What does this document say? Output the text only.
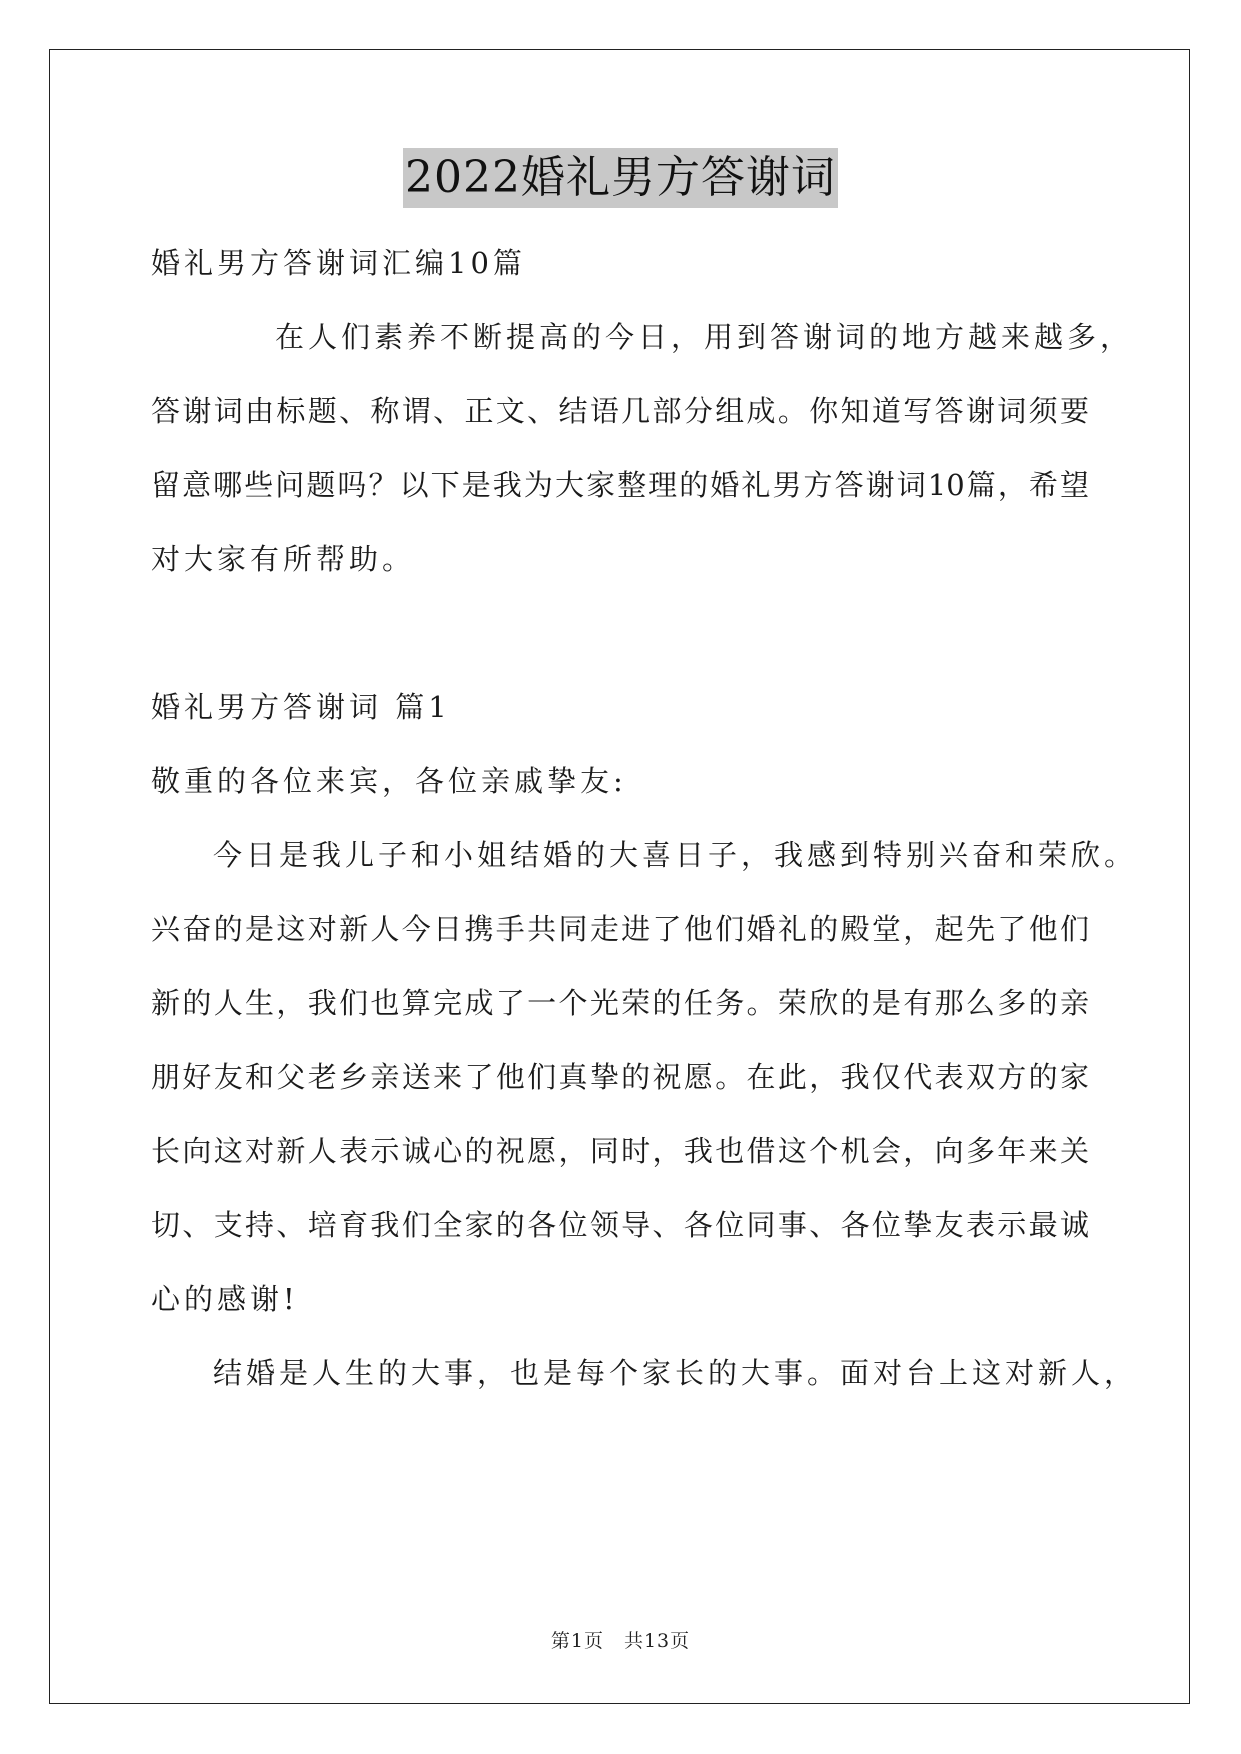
2022婚礼男方答谢词
婚礼男方答谢词汇编10篇
在人们素养不断提高的今日，用到答谢词的地方越来越多，
答谢词由标题、称谓、正文、结语几部分组成。你知道写答谢词须要
留意哪些问题吗？以下是我为大家整理的婚礼男方答谢词10篇，希望
对大家有所帮助。
婚礼男方答谢词 篇1
敬重的各位来宾，各位亲戚挚友:
今日是我儿子和小姐结婚的大喜日子，我感到特别兴奋和荣欣。
兴奋的是这对新人今日携手共同走进了他们婚礼的殿堂，起先了他们
新的人生，我们也算完成了一个光荣的任务。荣欣的是有那么多的亲
朋好友和父老乡亲送来了他们真挚的祝愿。在此，我仅代表双方的家
长向这对新人表示诚心的祝愿，同时，我也借这个机会，向多年来关
切、支持、培育我们全家的各位领导、各位同事、各位挚友表示最诚
心的感谢!
结婚是人生的大事，也是每个家长的大事。面对台上这对新人，
第1页　共13页
